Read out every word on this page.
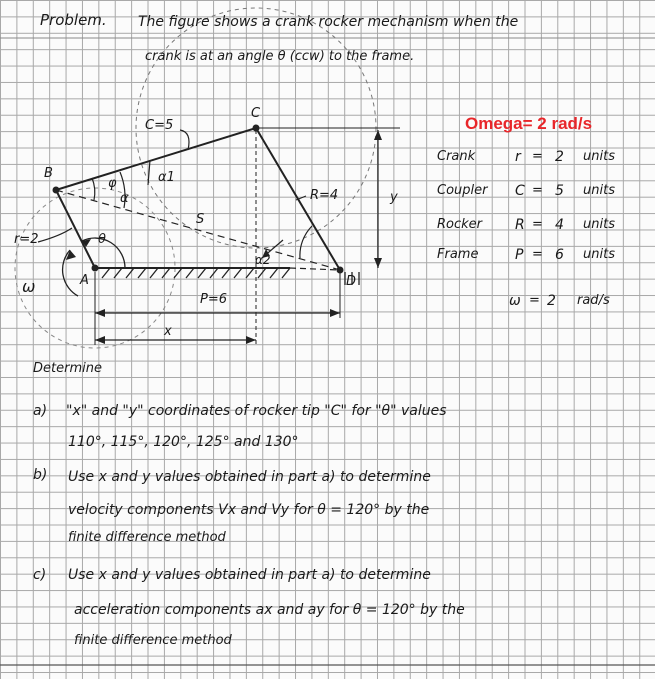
Problem. The figure shows a crank rocker mechanism when the
crank is at an angle θ (ccw) to the frame.
Omega= 2 rad/s
B
C
A	D
C=5
r=2
R=4
P=6
x
y
S
θ
ω
α
α1
α2
φ
Crank	r = 2 units
Coupler C = 5 units
Rocker R = 4 units
Frame	P = 6 units
ω = 2 rad/s
Determine
a) "x" and "y" coordinates of rocker tip "C" for "θ" values
110°, 115°, 120°, 125° and 130°
b) Use x and y values obtained in part a) to determine
velocity components Vx and Vy for θ = 120° by the
finite difference method
c) Use x and y values obtained in part a) to determine
acceleration components ax and ay for θ = 120° by the
finite difference method
